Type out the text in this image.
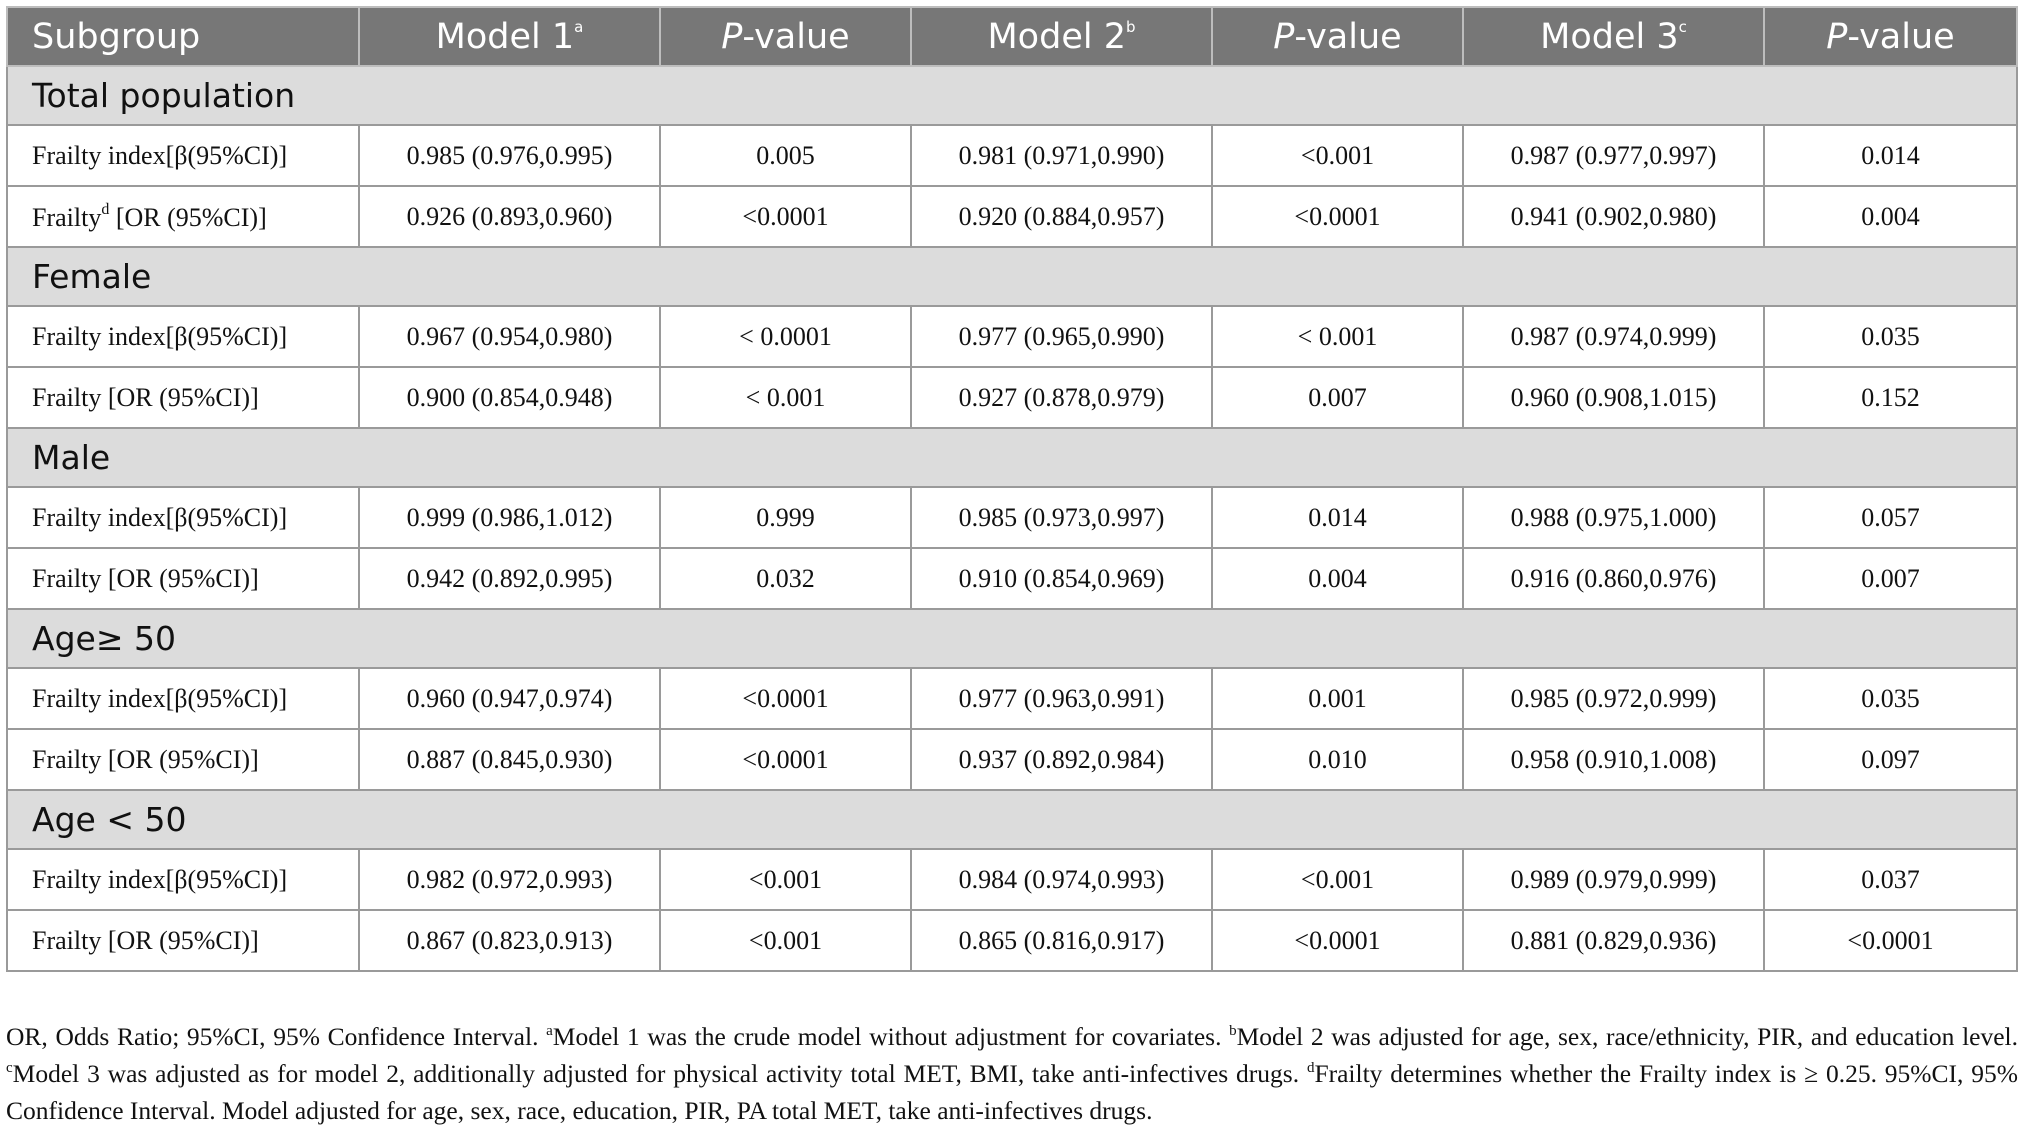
Subgroup	Model 1$^a$	P-value	Model 2$^b$	P-value	Model 3$^c$	P-value
Total population						
Frailty index[β(95%CI)]	0.985 (0.976,0.995)	0.005	0.981 (0.971,0.990)	<0.001	0.987 (0.977,0.997)	0.014
Frailty$^d$ [OR (95%CI)]	0.926 (0.893,0.960)	<0.0001	0.920 (0.884,0.957)	<0.0001	0.941 (0.902,0.980)	0.004
Female						
Frailty index[β(95%CI)]	0.967 (0.954,0.980)	< 0.0001	0.977 (0.965,0.990)	< 0.001	0.987 (0.974,0.999)	0.035
Frailty [OR (95%CI)]	0.900 (0.854,0.948)	< 0.001	0.927 (0.878,0.979)	0.007	0.960 (0.908,1.015)	0.152
Male						
Frailty index[β(95%CI)]	0.999 (0.986,1.012)	0.999	0.985 (0.973,0.997)	0.014	0.988 (0.975,1.000)	0.057
Frailty [OR (95%CI)]	0.942 (0.892,0.995)	0.032	0.910 (0.854,0.969)	0.004	0.916 (0.860,0.976)	0.007
Age≥ 50						
Frailty index[β(95%CI)]	0.960 (0.947,0.974)	<0.0001	0.977 (0.963,0.991)	0.001	0.985 (0.972,0.999)	0.035
Frailty [OR (95%CI)]	0.887 (0.845,0.930)	<0.0001	0.937 (0.892,0.984)	0.010	0.958 (0.910,1.008)	0.097
Age < 50						
Frailty index[β(95%CI)]	0.982 (0.972,0.993)	<0.001	0.984 (0.974,0.993)	<0.001	0.989 (0.979,0.999)	0.037
Frailty [OR (95%CI)]	0.867 (0.823,0.913)	<0.001	0.865 (0.816,0.917)	<0.0001	0.881 (0.829,0.936)	<0.0001
OR, Odds Ratio; 95%CI, 95% Confidence Interval. $^a$Model 1 was the crude model without adjustment for covariates. $^b$Model 2 was adjusted for age, sex, race/ethnicity, PIR, and education level. $^c$Model 3 was adjusted as for model 2, additionally adjusted for physical activity total MET, BMI, take anti-infectives drugs. $^d$Frailty determines whether the Frailty index is ≥ 0.25. 95%CI, 95% Confidence Interval. Model adjusted for age, sex, race, education, PIR, PA total MET, take anti-infectives drugs.
